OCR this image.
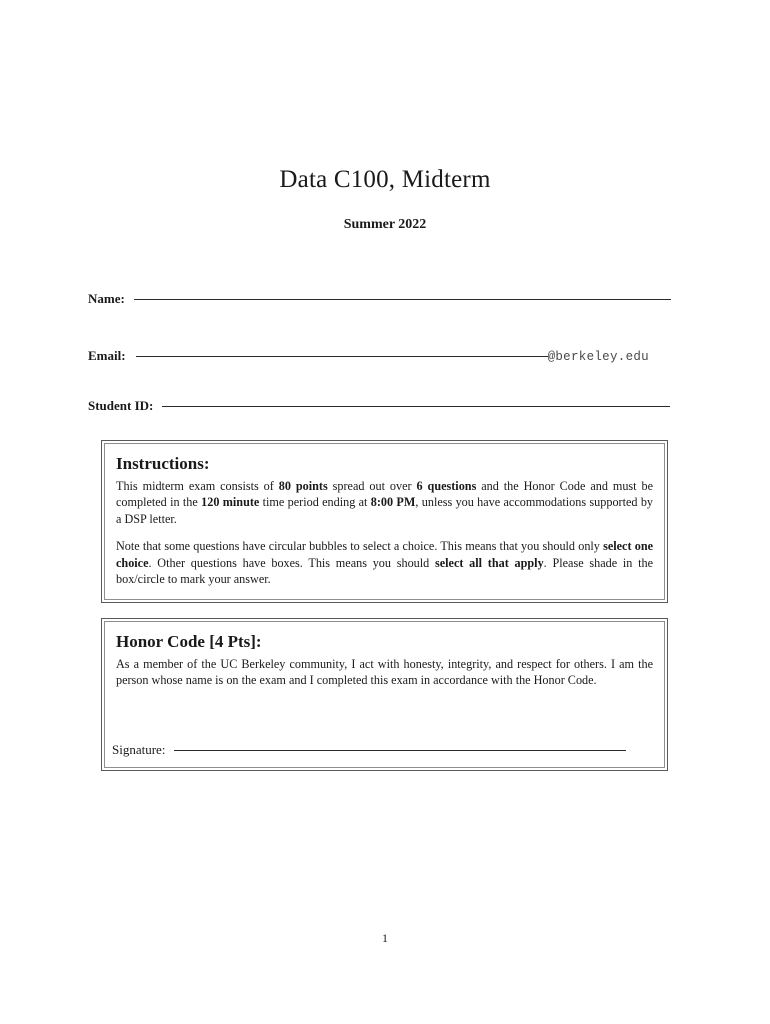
Data C100, Midterm
Summer 2022
Name:
Email:	@berkeley.edu
Student ID:
Instructions:

This midterm exam consists of 80 points spread out over 6 questions and the Honor Code and must be completed in the 120 minute time period ending at 8:00 PM, unless you have accommodations supported by a DSP letter.

Note that some questions have circular bubbles to select a choice. This means that you should only select one choice. Other questions have boxes. This means you should select all that apply. Please shade in the box/circle to mark your answer.

Honor Code [4 Pts]:

As a member of the UC Berkeley community, I act with honesty, integrity, and respect for others. I am the person whose name is on the exam and I completed this exam in accordance with the Honor Code.

Signature:
1
